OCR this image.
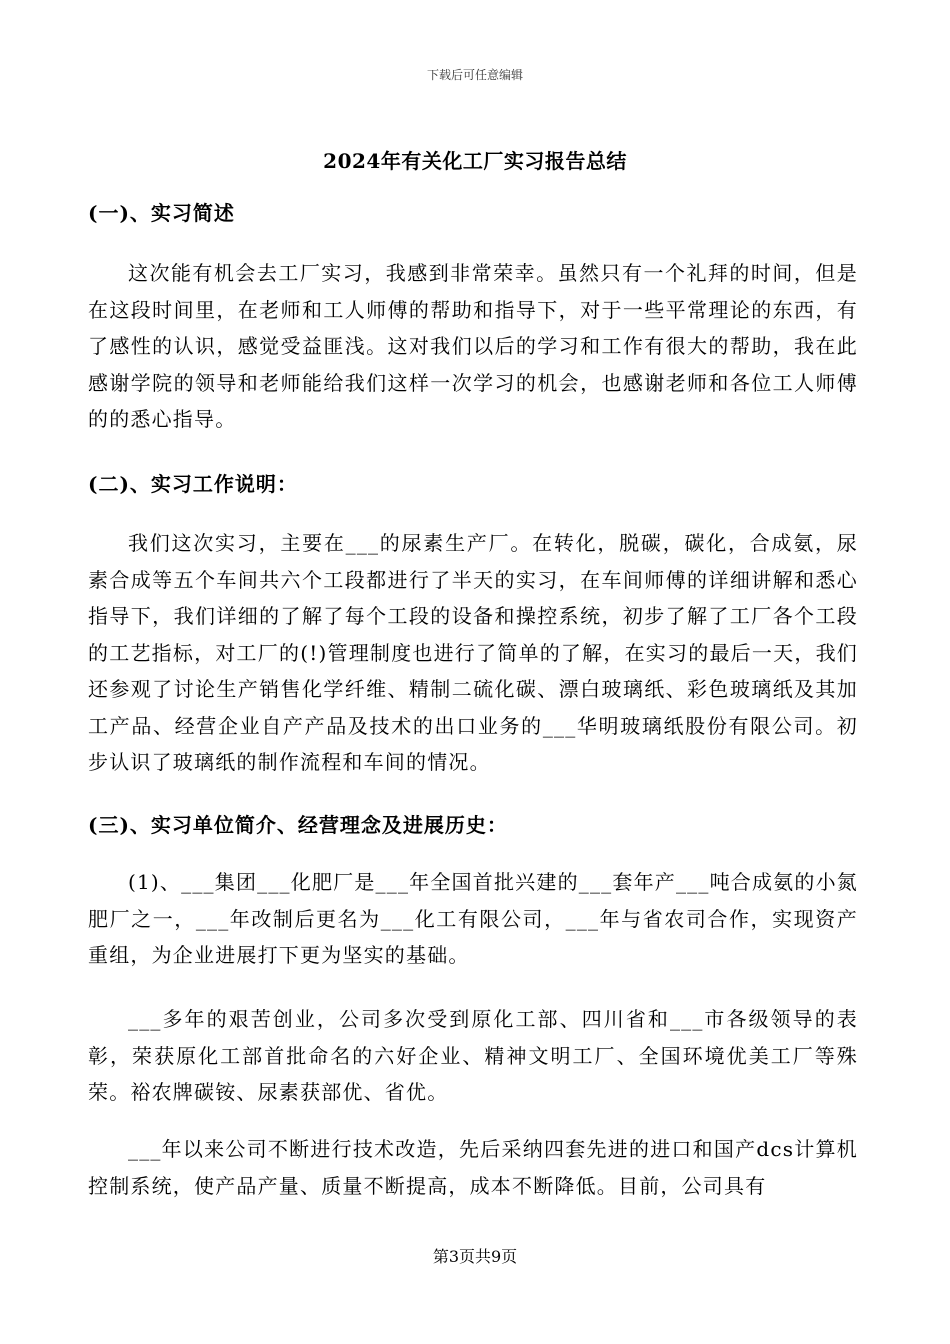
下载后可任意编辑
2024年有关化工厂实习报告总结

(一)、实习简述

这次能有机会去工厂实习，我感到非常荣幸。虽然只有一个礼拜的时间，但是在这段时间里，在老师和工人师傅的帮助和指导下，对于一些平常理论的东西，有了感性的认识，感觉受益匪浅。这对我们以后的学习和工作有很大的帮助，我在此感谢学院的领导和老师能给我们这样一次学习的机会，也感谢老师和各位工人师傅的的悉心指导。

(二)、实习工作说明：

我们这次实习，主要在___的尿素生产厂。在转化，脱碳，碳化，合成氨，尿素合成等五个车间共六个工段都进行了半天的实习，在车间师傅的详细讲解和悉心指导下，我们详细的了解了每个工段的设备和操控系统，初步了解了工厂各个工段的工艺指标，对工厂的(!)管理制度也进行了简单的了解，在实习的最后一天，我们还参观了讨论生产销售化学纤维、精制二硫化碳、漂白玻璃纸、彩色玻璃纸及其加工产品、经营企业自产产品及技术的出口业务的___华明玻璃纸股份有限公司。初步认识了玻璃纸的制作流程和车间的情况。

(三)、实习单位简介、经营理念及进展历史：

(1)、___集团___化肥厂是___年全国首批兴建的___套年产___吨合成氨的小氮肥厂之一，___年改制后更名为___化工有限公司，___年与省农司合作，实现资产重组，为企业进展打下更为坚实的基础。

___多年的艰苦创业，公司多次受到原化工部、四川省和___市各级领导的表彰，荣获原化工部首批命名的六好企业、精神文明工厂、全国环境优美工厂等殊荣。裕农牌碳铵、尿素获部优、省优。

___年以来公司不断进行技术改造，先后采纳四套先进的进口和国产dcs计算机控制系统，使产品产量、质量不断提高，成本不断降低。目前，公司具有

第3页共9页
